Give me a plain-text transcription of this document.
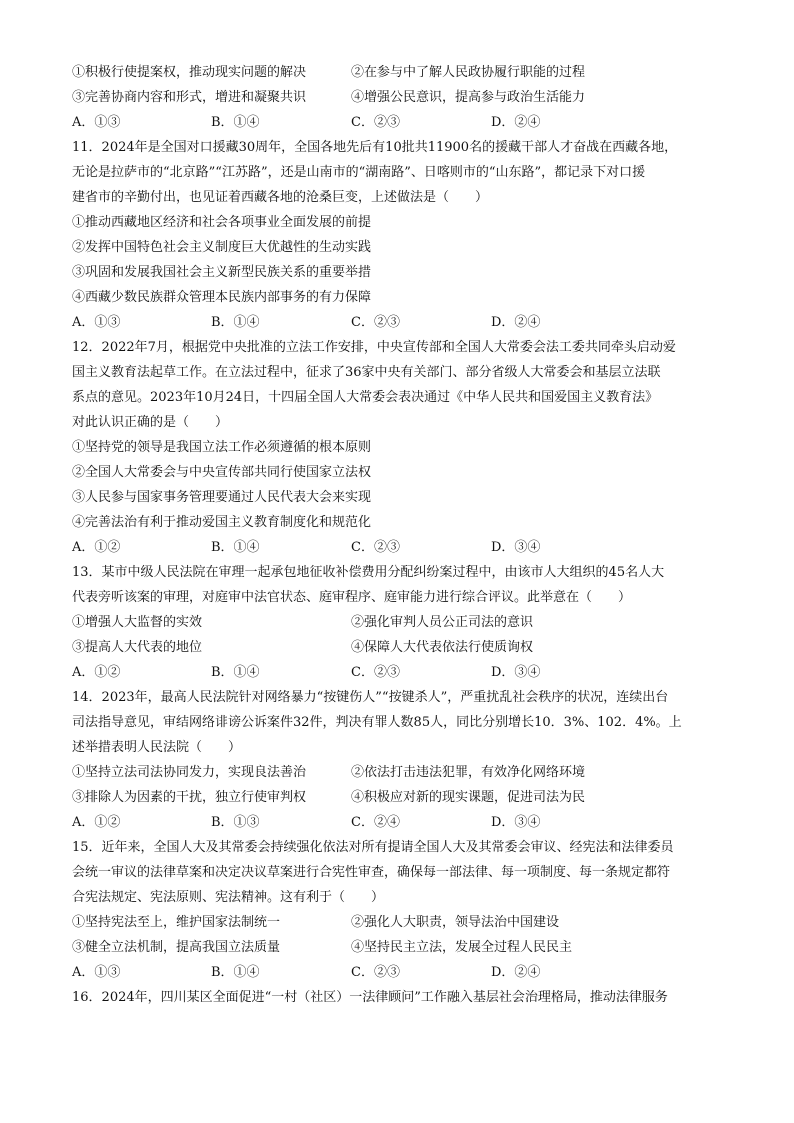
①积极行使提案权，推动现实问题的解决	②在参与中了解人民政协履行职能的过程
③完善协商内容和形式，增进和凝聚共识	④增强公民意识，提高参与政治生活能力
A．①③	B．①④	C．②③	D．②④
11．2024年是全国对口援藏30周年，全国各地先后有10批共11900名的援藏干部人才奋战在西藏各地，
无论是拉萨市的“北京路”“江苏路”，还是山南市的“湖南路”、日喀则市的“山东路”，都记录下对口援
建省市的辛勤付出，也见证着西藏各地的沧桑巨变，上述做法是（　　）
①推动西藏地区经济和社会各项事业全面发展的前提
②发挥中国特色社会主义制度巨大优越性的生动实践
③巩固和发展我国社会主义新型民族关系的重要举措
④西藏少数民族群众管理本民族内部事务的有力保障
A．①③	B．①④	C．②③	D．②④
12．2022年7月，根据党中央批准的立法工作安排，中央宣传部和全国人大常委会法工委共同牵头启动爱
国主义教育法起草工作。在立法过程中，征求了36家中央有关部门、部分省级人大常委会和基层立法联
系点的意见。2023年10月24日，十四届全国人大常委会表决通过《中华人民共和国爱国主义教育法》
对此认识正确的是（　　）
①坚持党的领导是我国立法工作必须遵循的根本原则
②全国人大常委会与中央宣传部共同行使国家立法权
③人民参与国家事务管理要通过人民代表大会来实现
④完善法治有利于推动爱国主义教育制度化和规范化
A．①②	B．①④	C．②③	D．③④
13．某市中级人民法院在审理一起承包地征收补偿费用分配纠纷案过程中，由该市人大组织的45名人大
代表旁听该案的审理，对庭审中法官状态、庭审程序、庭审能力进行综合评议。此举意在（　　）
①增强人大监督的实效	②强化审判人员公正司法的意识
③提高人大代表的地位	④保障人大代表依法行使质询权
A．①②	B．①④	C．②③	D．③④
14．2023年，最高人民法院针对网络暴力“按键伤人”“按键杀人”，严重扰乱社会秩序的状况，连续出台
司法指导意见，审结网络诽谤公诉案件32件，判决有罪人数85人，同比分别增长10．3%、102．4%。上
述举措表明人民法院（　　）
①坚持立法司法协同发力，实现良法善治	②依法打击违法犯罪，有效净化网络环境
③排除人为因素的干扰，独立行使审判权	④积极应对新的现实课题，促进司法为民
A．①②	B．①③	C．②④	D．③④
15．近年来，全国人大及其常委会持续强化依法对所有提请全国人大及其常委会审议、经宪法和法律委员
会统一审议的法律草案和决定决议草案进行合宪性审查，确保每一部法律、每一项制度、每一条规定都符
合宪法规定、宪法原则、宪法精神。这有利于（　　）
①坚持宪法至上，维护国家法制统一	②强化人大职责，领导法治中国建设
③健全立法机制，提高我国立法质量	④坚持民主立法，发展全过程人民民主
A．①③	B．①④	C．②③	D．②④
16．2024年，四川某区全面促进“一村（社区）一法律顾问”工作融入基层社会治理格局，推动法律服务
